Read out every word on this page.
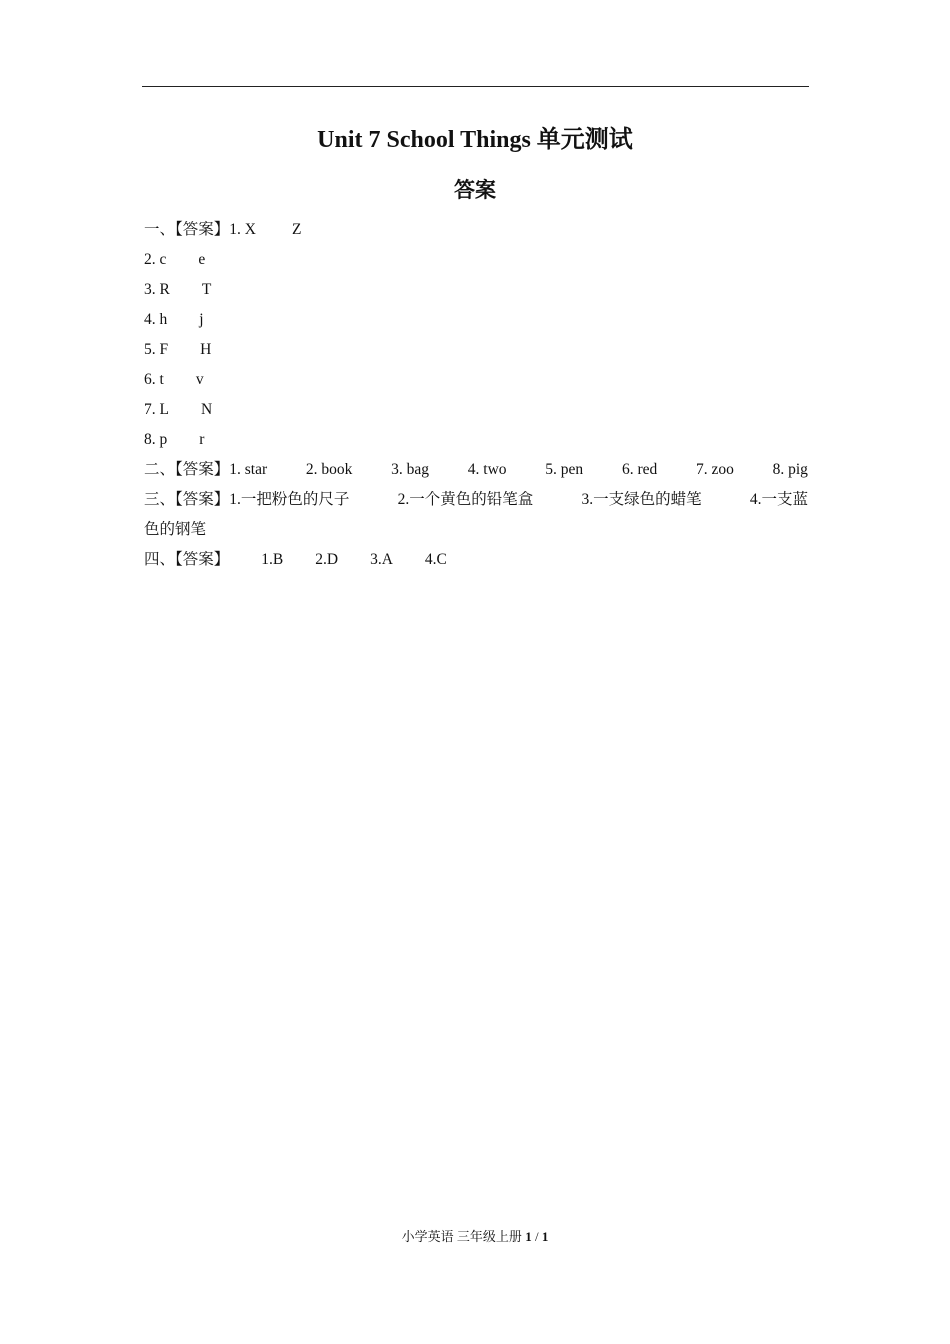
Unit 7 School Things 单元测试
答案
一、【答案】1. X Z
2. c e
3. R T
4. h j
5. F H
6. t v
7. L N
8. p r
二、【答案】1. star	2. book	3. bag	4. two	5. pen	6. red	7. zoo	8. pig
三、【答案】1.一把粉色的尺子	2.一个黄色的铅笔盒	3.一支绿色的蜡笔	4.一支蓝
色的钢笔
四、【答案】 1.B 2.D 3.A 4.C
小学英语 三年级上册 1 / 1
